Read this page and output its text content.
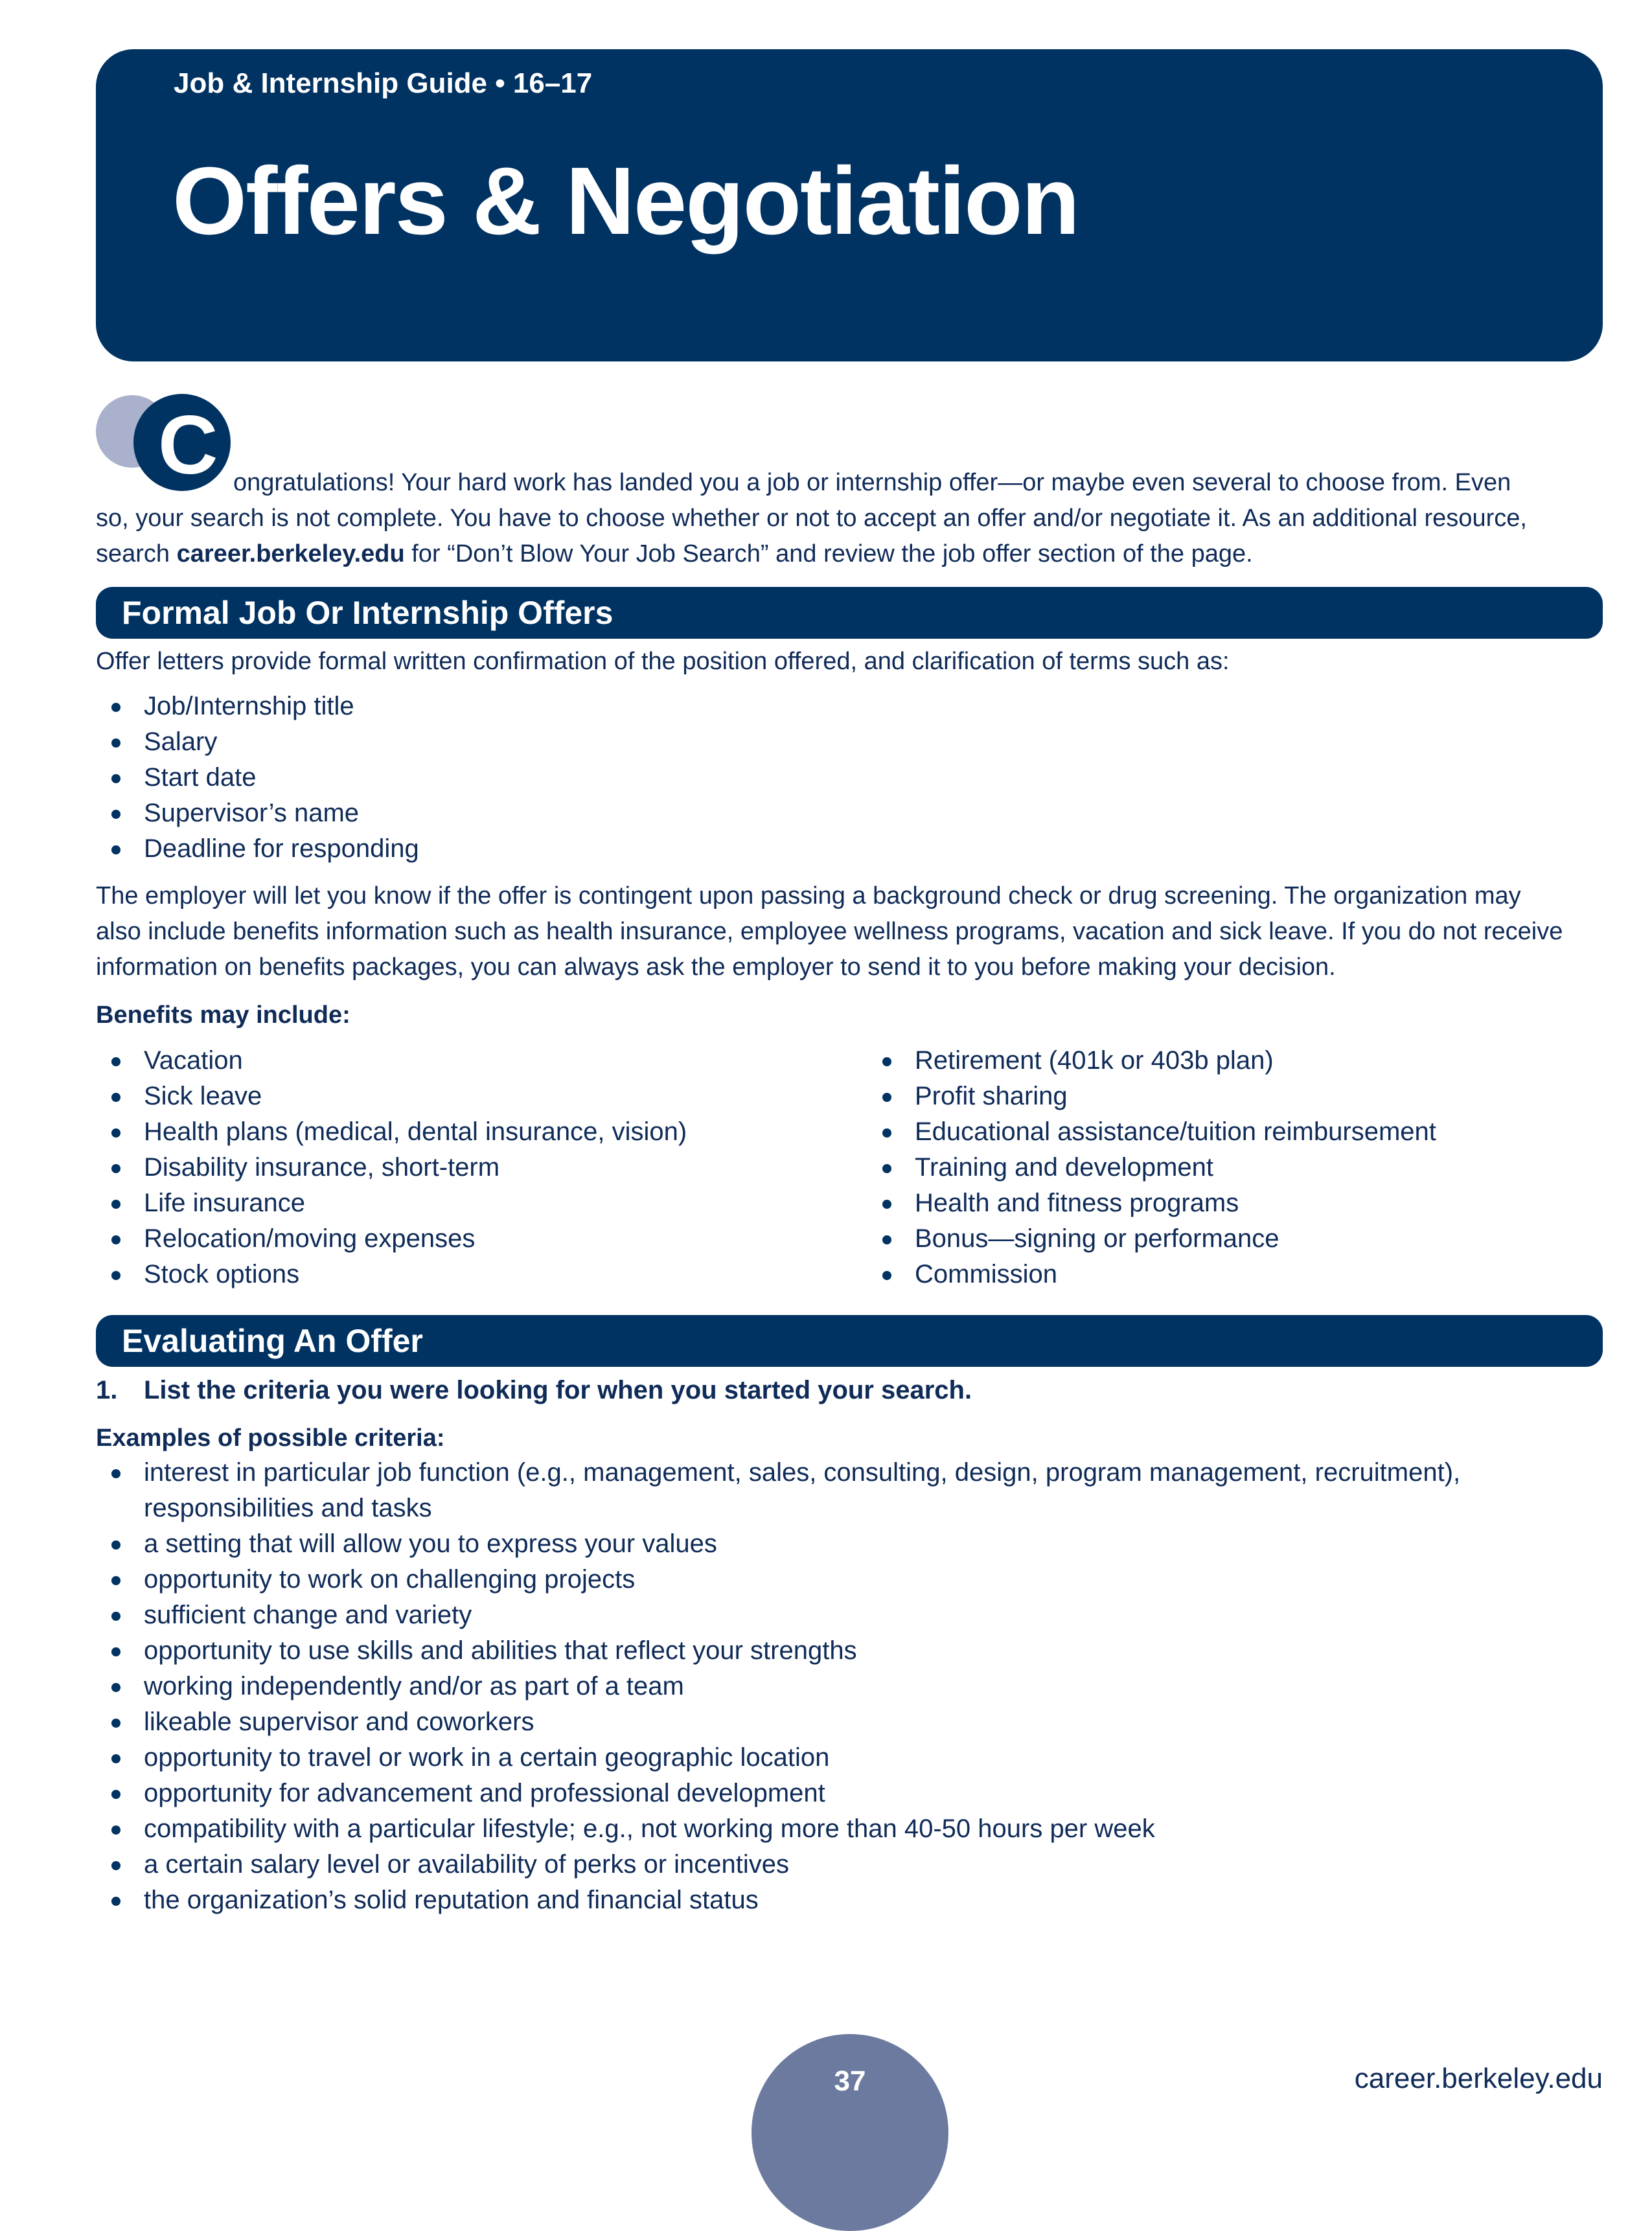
Job & Internship Guide • 16–17
Offers & Negotiation
C ongratulations! Your hard work has landed you a job or internship offer—or maybe even several to choose from. Even

so, your search is not complete. You have to choose whether or not to accept an offer and/or negotiate it. As an additional resource,

search career.berkeley.edu for “Don’t Blow Your Job Search” and review the job offer section of the page.

Formal Job Or Internship Offers
Offer letters provide formal written confirmation of the position offered, and clarification of terms such as:
Job/Internship title
Salary
Start date
Supervisor’s name
Deadline for responding
The employer will let you know if the offer is contingent upon passing a background check or drug screening. The organization may
also include benefits information such as health insurance, employee wellness programs, vacation and sick leave. If you do not receive
information on benefits packages, you can always ask the employer to send it to you before making your decision.
Benefits may include:
Vacation
Sick leave
Health plans (medical, dental insurance, vision)
Disability insurance, short-term
Life insurance
Relocation/moving expenses
Stock options
Retirement (401k or 403b plan)
Profit sharing
Educational assistance/tuition reimbursement
Training and development
Health and fitness programs
Bonus—signing or performance
Commission
Evaluating An Offer
1. List the criteria you were looking for when you started your search.
Examples of possible criteria:
interest in particular job function (e.g., management, sales, consulting, design, program management, recruitment),
responsibilities and tasks
a setting that will allow you to express your values
opportunity to work on challenging projects
sufficient change and variety
opportunity to use skills and abilities that reflect your strengths
working independently and/or as part of a team
likeable supervisor and coworkers
opportunity to travel or work in a certain geographic location
opportunity for advancement and professional development
compatibility with a particular lifestyle; e.g., not working more than 40-50 hours per week
a certain salary level or availability of perks or incentives
the organization’s solid reputation and financial status
37	career.berkeley.edu
